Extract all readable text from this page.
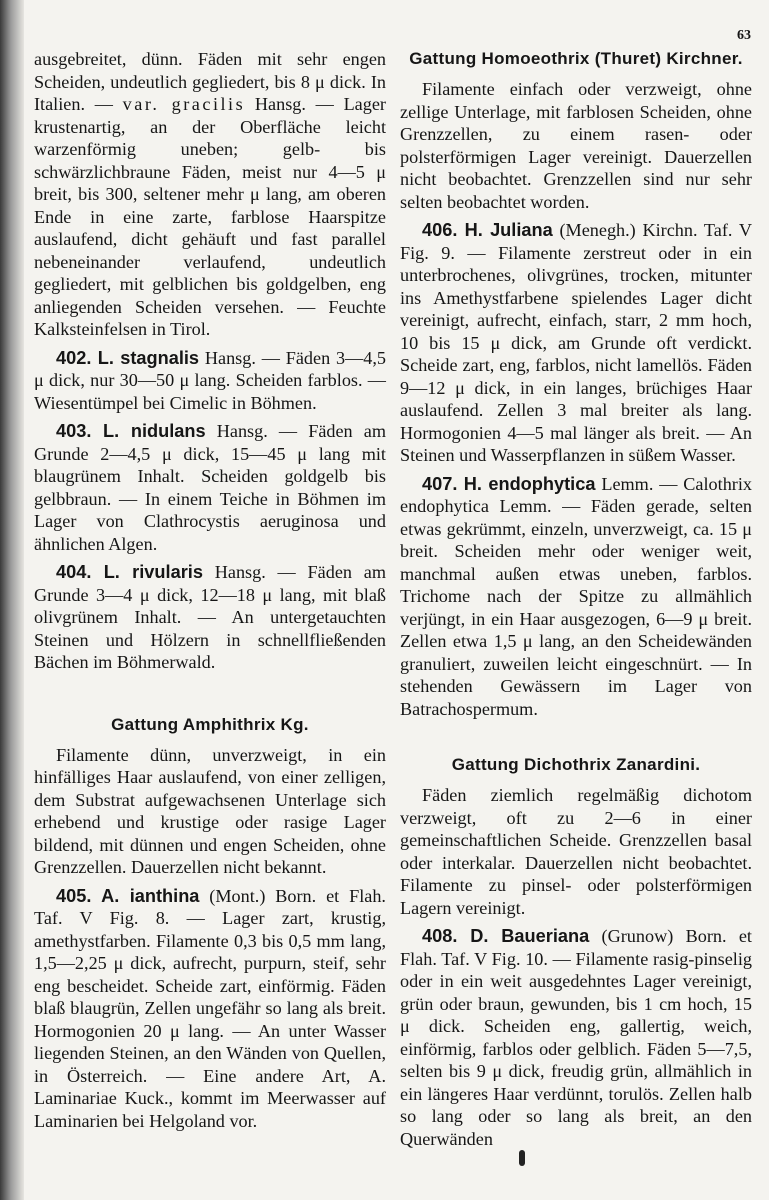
63

ausgebreitet, dünn. Fäden mit sehr engen Scheiden, undeutlich gegliedert, bis 8 μ dick. In Italien. — var. gracilis Hansg. — Lager krustenartig, an der Oberfläche leicht warzenförmig uneben; gelb- bis schwärzlichbraune Fäden, meist nur 4—5 μ breit, bis 300, seltener mehr μ lang, am oberen Ende in eine zarte, farblose Haarspitze auslaufend, dicht gehäuft und fast parallel nebeneinander verlaufend, undeutlich gegliedert, mit gelblichen bis goldgelben, eng anliegenden Scheiden versehen. — Feuchte Kalksteinfelsen in Tirol.

402. L. stagnalis Hansg. — Fäden 3—4,5 μ dick, nur 30—50 μ lang. Scheiden farblos. — Wiesentümpel bei Cimelic in Böhmen.

403. L. nidulans Hansg. — Fäden am Grunde 2—4,5 μ dick, 15—45 μ lang mit blaugrünem Inhalt. Scheiden goldgelb bis gelbbraun. — In einem Teiche in Böhmen im Lager von Clathrocystis aeruginosa und ähnlichen Algen.

404. L. rivularis Hansg. — Fäden am Grunde 3—4 μ dick, 12—18 μ lang, mit blaß olivgrünem Inhalt. — An untergetauchten Steinen und Hölzern in schnellfließenden Bächen im Böhmerwald.

Gattung Amphithrix Kg.

Filamente dünn, unverzweigt, in ein hinfälliges Haar auslaufend, von einer zelligen, dem Substrat aufgewachsenen Unterlage sich erhebend und krustige oder rasige Lager bildend, mit dünnen und engen Scheiden, ohne Grenzzellen. Dauerzellen nicht bekannt.

405. A. ianthina (Mont.) Born. et Flah. Taf. V Fig. 8. — Lager zart, krustig, amethystfarben. Filamente 0,3 bis 0,5 mm lang, 1,5—2,25 μ dick, aufrecht, purpurn, steif, sehr eng bescheidet. Scheide zart, einförmig. Fäden blaß blaugrün, Zellen ungefähr so lang als breit. Hormogonien 20 μ lang. — An unter Wasser liegenden Steinen, an den Wänden von Quellen, in Österreich. — Eine andere Art, A. Laminariae Kuck., kommt im Meerwasser auf Laminarien bei Helgoland vor.

Gattung Homoeothrix (Thuret) Kirchner.

Filamente einfach oder verzweigt, ohne zellige Unterlage, mit farblosen Scheiden, ohne Grenzzellen, zu einem rasen- oder polsterförmigen Lager vereinigt. Dauerzellen nicht beobachtet. Grenzzellen sind nur sehr selten beobachtet worden.

406. H. Juliana (Menegh.) Kirchn. Taf. V Fig. 9. — Filamente zerstreut oder in ein unterbrochenes, olivgrünes, trocken, mitunter ins Amethystfarbene spielendes Lager dicht vereinigt, aufrecht, einfach, starr, 2 mm hoch, 10 bis 15 μ dick, am Grunde oft verdickt. Scheide zart, eng, farblos, nicht lamellös. Fäden 9—12 μ dick, in ein langes, brüchiges Haar auslaufend. Zellen 3 mal breiter als lang. Hormogonien 4—5 mal länger als breit. — An Steinen und Wasserpflanzen in süßem Wasser.

407. H. endophytica Lemm. — Calothrix endophytica Lemm. — Fäden gerade, selten etwas gekrümmt, einzeln, unverzweigt, ca. 15 μ breit. Scheiden mehr oder weniger weit, manchmal außen etwas uneben, farblos. Trichome nach der Spitze zu allmählich verjüngt, in ein Haar ausgezogen, 6—9 μ breit. Zellen etwa 1,5 μ lang, an den Scheidewänden granuliert, zuweilen leicht eingeschnürt. — In stehenden Gewässern im Lager von Batrachospermum.

Gattung Dichothrix Zanardini.

Fäden ziemlich regelmäßig dichotom verzweigt, oft zu 2—6 in einer gemeinschaftlichen Scheide. Grenzzellen basal oder interkalar. Dauerzellen nicht beobachtet. Filamente zu pinsel- oder polsterförmigen Lagern vereinigt.

408. D. Baueriana (Grunow) Born. et Flah. Taf. V Fig. 10. — Filamente rasig-pinselig oder in ein weit ausgedehntes Lager vereinigt, grün oder braun, gewunden, bis 1 cm hoch, 15 μ dick. Scheiden eng, gallertig, weich, einförmig, farblos oder gelblich. Fäden 5—7,5, selten bis 9 μ dick, freudig grün, allmählich in ein längeres Haar verdünnt, torulös. Zellen halb so lang oder so lang als breit, an den Querwänden
